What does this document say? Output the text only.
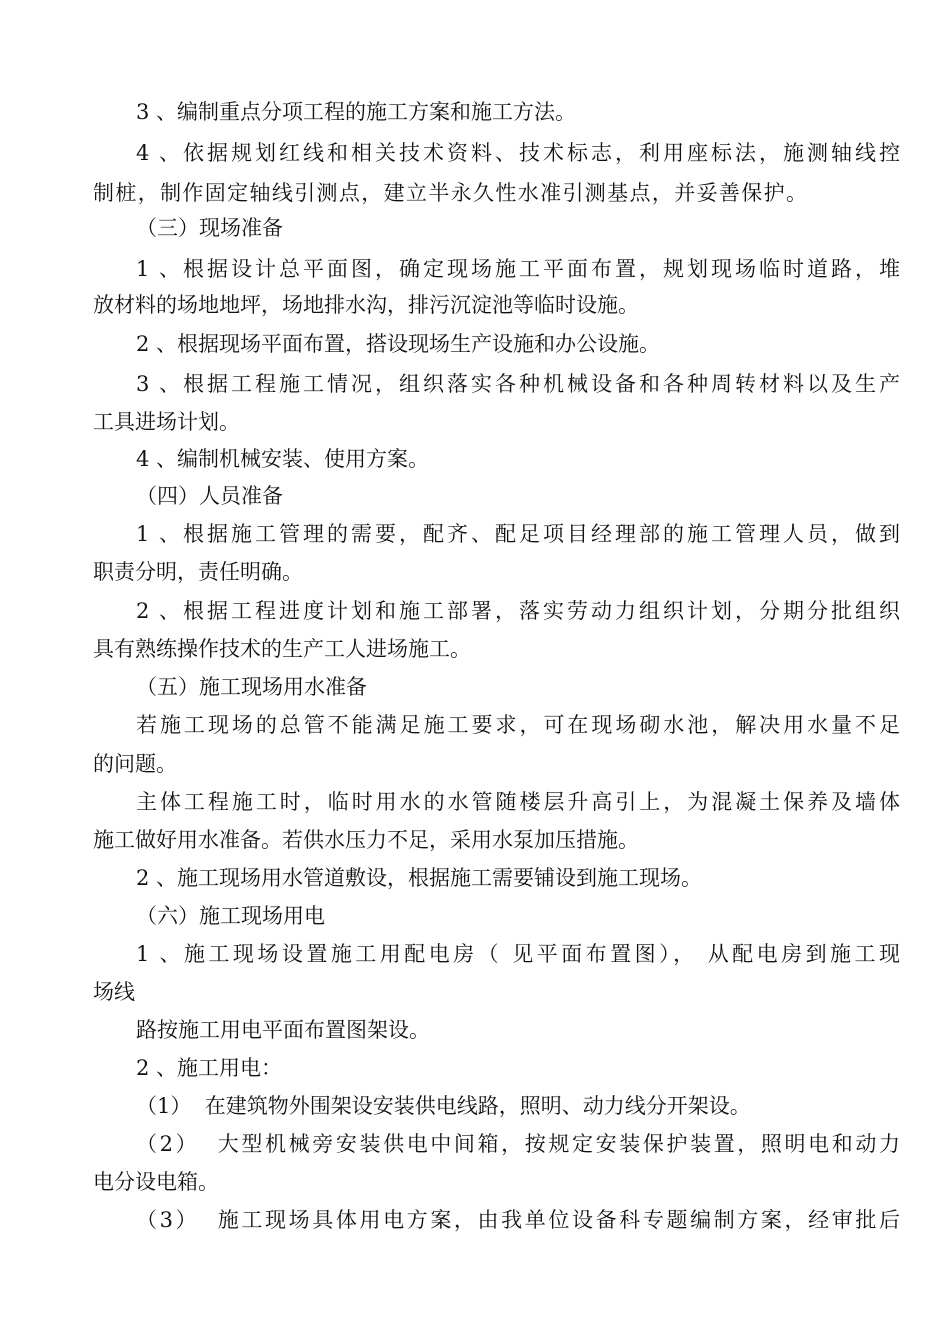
3 、编制重点分项工程的施工方案和施工方法。
4 、依据规划红线和相关技术资料、技术标志，利用座标法，施测轴线控
制桩，制作固定轴线引测点，建立半永久性水准引测基点，并妥善保护。
（三）现场准备
1 、根据设计总平面图，确定现场施工平面布置，规划现场临时道路，堆
放材料的场地地坪，场地排水沟，排污沉淀池等临时设施。
2 、根据现场平面布置，搭设现场生产设施和办公设施。
3 、根据工程施工情况，组织落实各种机械设备和各种周转材料以及生产
工具进场计划。
4 、编制机械安装、使用方案。
（四）人员准备
1 、根据施工管理的需要，配齐、配足项目经理部的施工管理人员，做到
职责分明，责任明确。
2 、根据工程进度计划和施工部署，落实劳动力组织计划，分期分批组织
具有熟练操作技术的生产工人进场施工。
（五）施工现场用水准备
若施工现场的总管不能满足施工要求，可在现场砌水池，解决用水量不足
的问题。
主体工程施工时，临时用水的水管随楼层升高引上，为混凝土保养及墙体
施工做好用水准备。若供水压力不足，采用水泵加压措施。
2 、施工现场用水管道敷设，根据施工需要铺设到施工现场。
（六）施工现场用电
1 、施工现场设置施工用配电房（ 见平面布置图）， 从配电房到施工现
场线
路按施工用电平面布置图架设。
2 、施工用电：
（1）  在建筑物外围架设安装供电线路，照明、动力线分开架设。
（2）  大型机械旁安装供电中间箱，按规定安装保护装置，照明电和动力
电分设电箱。
（3）  施工现场具体用电方案，由我单位设备科专题编制方案，经审批后
